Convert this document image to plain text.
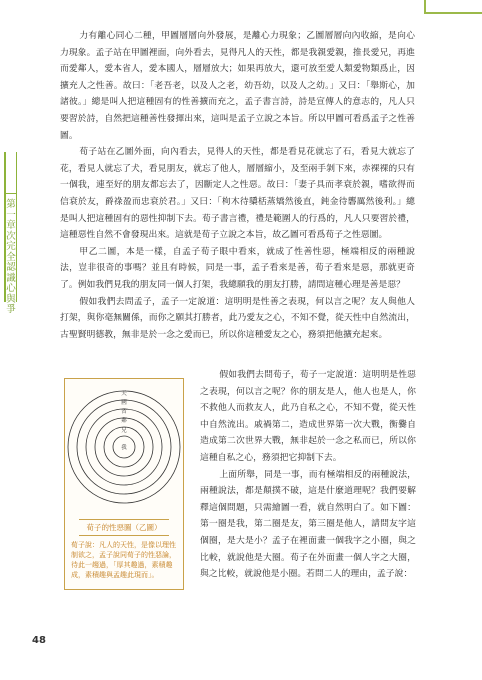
第一章 次完全認識心與爭

力有離心同心二種，甲圖層層向外發展，是離心力現象；乙圖層層向內收縮，是向心力現象。孟子站在甲圖裡面，向外看去，見得凡人的天性，都是我親愛親，推長愛兄，再進而愛鄰人，愛本省人，愛本國人，層層放大；如果再放大，還可放至愛人類愛物類爲止，因擴充人之性善。故曰：「老吾老，以及人之老，幼吾幼，以及人之幼。」又曰：「舉斯心，加諸彼。」總是叫人把這種固有的性善擴而充之，孟子書言詩，詩是宣傳人的意志的，凡人只要習於詩，自然把這種善性發揮出來，這叫是孟子立說之本旨。所以甲圖可看爲孟子之性善圖。

荀子站在乙圖外面，向內看去，見得人的天性，都是看見花就忘了石，看見大就忘了花，看見人就忘了犬，看見朋友，就忘了他人，層層縮小，及至兩手剝下來，赤裸裸的只有一個我，連至好的朋友都忘去了，因斷定人之性惡。故曰：「妻子具而孝衰於親，嗜欲得而信衰於友，爵祿盈而忠衰於君。」又曰：「枸木待櫽栝蒸矯然後直，鈍金待礱厲然後利。」總是叫人把這種固有的惡性抑制下去。荀子書言禮，禮是範圍人的行爲的，凡人只要習於禮，這種惡性自然不會發現出來。這就是荀子立說之本旨，故乙圖可看爲荀子之性惡圖。

甲乙二圖，本是一樣，自孟子荀子眼中看來，就成了性善性惡，極端相反的兩種說法，豈非很奇的事嗎？並且有時候，同是一事，孟子看來是善，荀子看來是惡，那就更奇了。例如我們見我的朋友同一個人打架，我總願我的朋友打勝，請問這種心理是善是惡？

假如我們去問孟子，孟子一定說道：這明明是性善之表現，何以言之呢？友人與他人打架，與你毫無關係，而你之願其打勝者，此乃愛友之心，不知不覺，從天性中自然流出，古聖賢明德教，無非是於一念之愛而已，所以你這種愛友之心，務須把他擴充起來。

假如我們去問荀子，荀子一定說道：這明明是性惡之表現，何以言之呢？你的朋友是人，他人也是人，你不救他人而救友人，此乃自私之心，不知不覺，從天性中自然流出。戚禍第二，造成世界第一次大戰，衡爨自造成第二次世界大戰，無非起於一念之私而已，所以你這種自私之心，務須把它抑制下去。

上面所舉，同是一事，而有極端相反的兩種說法，兩種說法，都是顛撲不破，這是什麼道理呢？我們要解釋這個問題，只需繪圖一看，就自然明白了。如下圖：第一圈是我，第二圈是友，第三圈是他人，請問友字這個圈，是大是小？孟子在裡面畫一個我字之小圈，與之比較，就說他是大圈。荀子在外面畫一個人字之大圈，與之比較，就說他是小圈。若問二人的理由，孟子說：

天
國
省
鄰
兄
我
荀子的性惡圖（乙圖）
荀子說：凡人的天性，是像以理性制欲之，孟子說同荀子的性惡論，待此一趨過，「厚其趣過，素積趣成，素積趣與孟趣此現而」。
48
